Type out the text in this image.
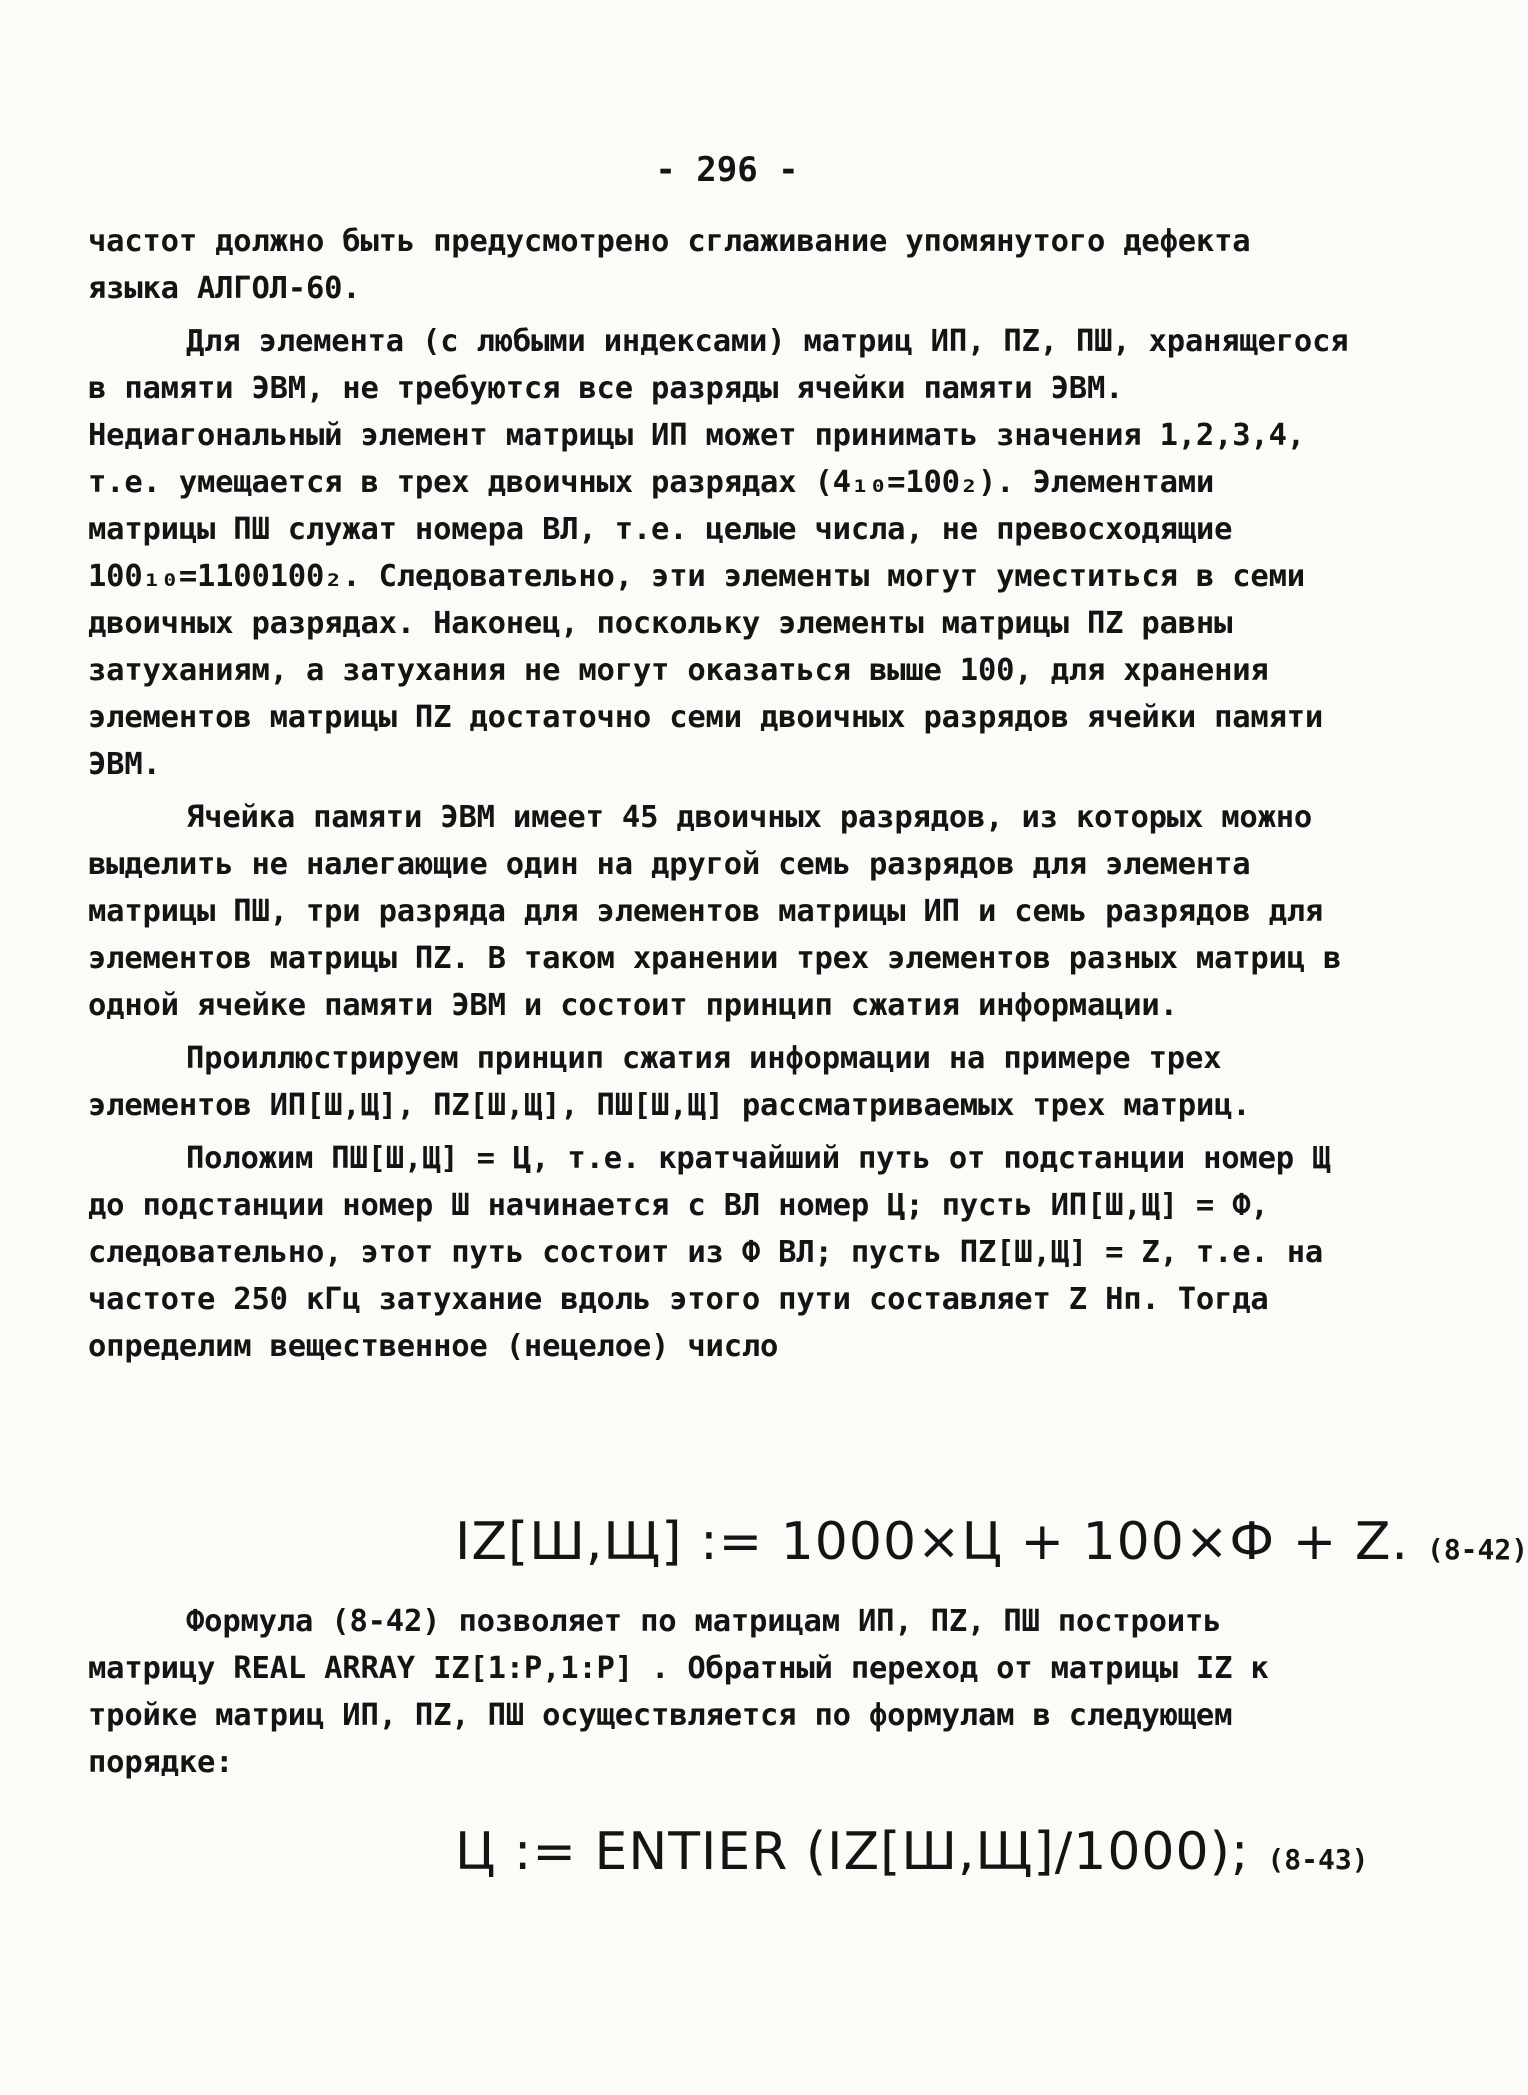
- 296 -

частот должно быть предусмотрено сглаживание упомянутого дефекта языка АЛГОЛ-60.

Для элемента (с любыми индексами) матриц ИП, ПZ, ПШ, хранящегося в памяти ЭВМ, не требуются все разряды ячейки памяти ЭВМ. Недиагональный элемент матрицы ИП может принимать значения 1,2,3,4, т.е. умещается в трех двоичных разрядах (4₁₀=100₂). Элементами матрицы ПШ служат номера ВЛ, т.е. целые числа, не превосходящие 100₁₀=1100100₂. Следовательно, эти элементы могут уместиться в семи двоичных разрядах. Наконец, поскольку элементы матрицы ПZ равны затуханиям, а затухания не могут оказаться выше 100, для хранения элементов матрицы ПZ достаточно семи двоичных разрядов ячейки памяти ЭВМ.

Ячейка памяти ЭВМ имеет 45 двоичных разрядов, из которых можно выделить не налегающие один на другой семь разрядов для элемента матрицы ПШ, три разряда для элементов матрицы ИП и семь разрядов для элементов матрицы ПZ. В таком хранении трех элементов разных матриц в одной ячейке памяти ЭВМ и состоит принцип сжатия информации.

Проиллюстрируем принцип сжатия информации на примере трех элементов ИП[Ш,Щ], ПZ[Ш,Щ], ПШ[Ш,Щ] рассматриваемых трех матриц.

Положим ПШ[Ш,Щ] = Ц, т.е. кратчайший путь от подстанции номер Щ до подстанции номер Ш начинается с ВЛ номер Ц; пусть ИП[Ш,Щ] = Ф, следовательно, этот путь состоит из Ф ВЛ; пусть ПZ[Ш,Щ] = Z, т.е. на частоте 250 кГц затухание вдоль этого пути составляет Z Нп. Тогда определим вещественное (нецелое) число

IZ[Ш,Щ] := 1000×Ц + 100×Ф + Z. (8-42)

Формула (8-42) позволяет по матрицам ИП, ПZ, ПШ построить матрицу REAL ARRAY IZ[1:P,1:P] . Обратный переход от матрицы IZ к тройке матриц ИП, ПZ, ПШ осуществляется по формулам в следующем порядке:

Ц := ENTIER (IZ[Ш,Щ]/1000); (8-43)
